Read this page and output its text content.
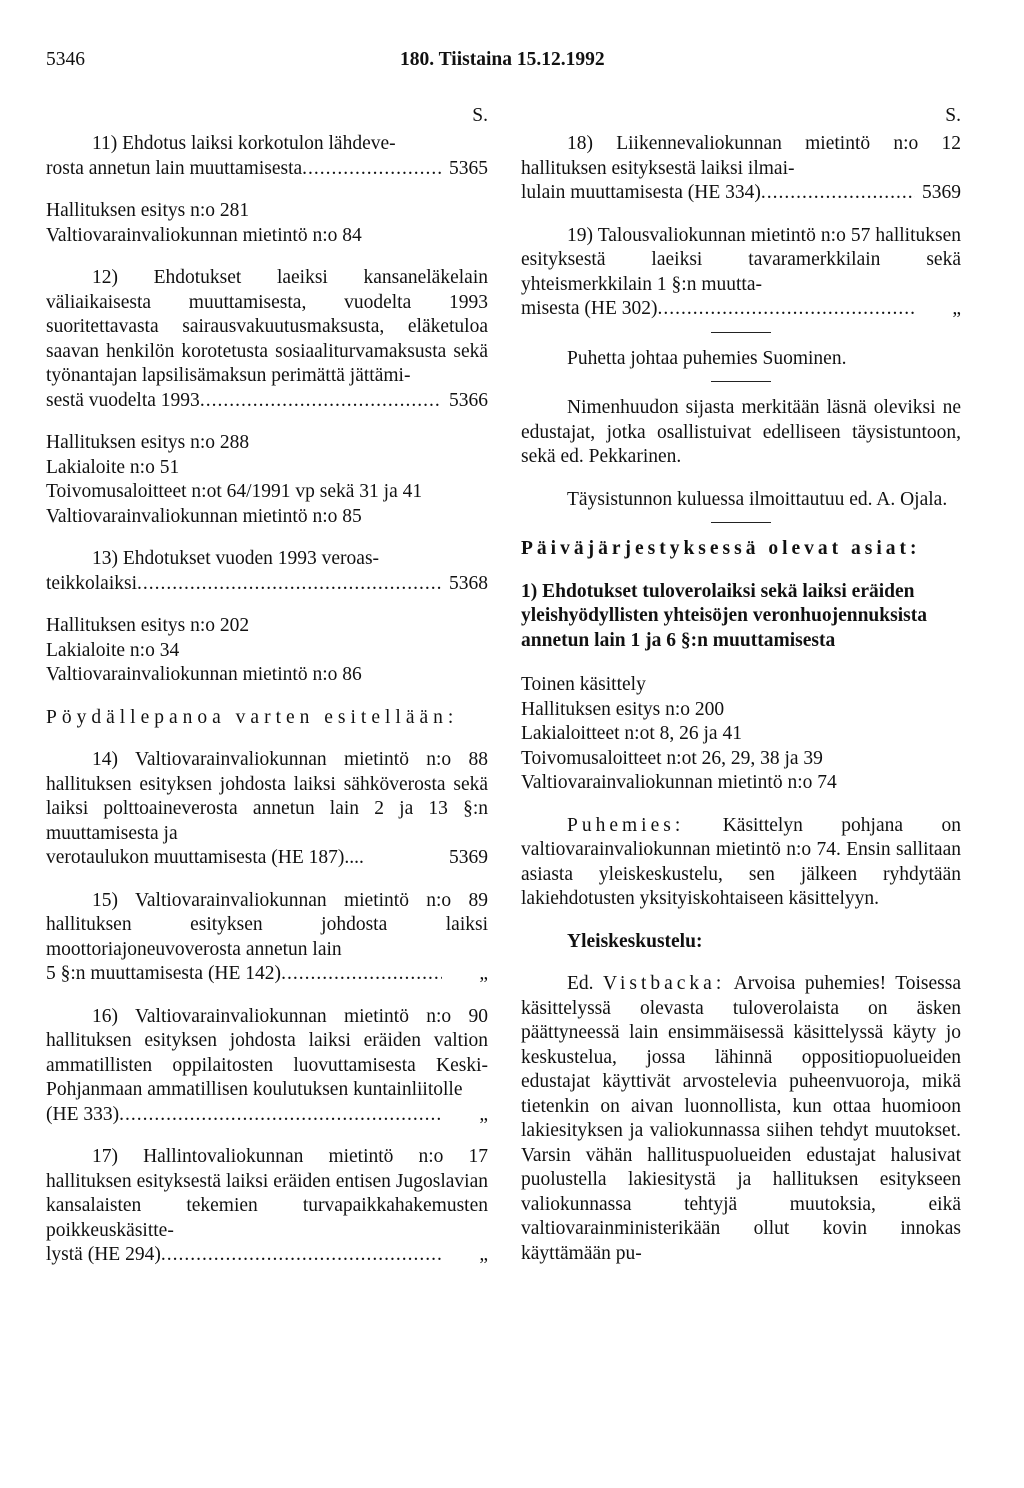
5346	180. Tiistaina 15.12.1992
S.

11) Ehdotus laiksi korkotulon lähdeve-

rosta annetun lain muuttamisesta .....	5365

Hallituksen esitys n:o 281

Valtiovarainvaliokunnan mietintö n:o 84

12) Ehdotukset laeiksi kansaneläkelain väliaikaisesta muuttamisesta, vuodelta 1993 suoritettavasta sairausvakuutusmaksusta, eläketuloa saavan henkilön korotetusta sosiaaliturvamaksusta sekä työnantajan lapsilisämaksun perimättä jättämi-

sestä vuodelta 1993 .....	5366

Hallituksen esitys n:o 288

Lakialoite n:o 51

Toivomusaloitteet n:ot 64/1991 vp sekä 31 ja 41

Valtiovarainvaliokunnan mietintö n:o 85

13) Ehdotukset vuoden 1993 veroas-

teikkolaiksi .....	5368

Hallituksen esitys n:o 202

Lakialoite n:o 34

Valtiovarainvaliokunnan mietintö n:o 86

Pöydällepanoa varten esitellään:

14) Valtiovarainvaliokunnan mietintö n:o 88 hallituksen esityksen johdosta laiksi sähköverosta sekä laiksi polttoaineverosta annetun lain 2 ja 13 §:n muuttamisesta ja

verotaulukon muuttamisesta (HE 187)....	5369

15) Valtiovarainvaliokunnan mietintö n:o 89 hallituksen esityksen johdosta laiksi moottoriajoneuvoverosta annetun lain

5 §:n muuttamisesta (HE 142) .....	„

16) Valtiovarainvaliokunnan mietintö n:o 90 hallituksen esityksen johdosta laiksi eräiden valtion ammatillisten oppilaitosten luovuttamisesta Keski-Pohjanmaan ammatillisen koulutuksen kuntainliitolle

(HE 333) .....	„

17) Hallintovaliokunnan mietintö n:o 17 hallituksen esityksestä laiksi eräiden entisen Jugoslavian kansalaisten tekemien turvapaikkahakemusten poikkeuskäsitte-

lystä (HE 294) .....	„
S.

18) Liikennevaliokunnan mietintö n:o 12 hallituksen esityksestä laiksi ilmai-

lulain muuttamisesta (HE 334) .....	5369

19) Talousvaliokunnan mietintö n:o 57 hallituksen esityksestä laeiksi tavaramerkkilain sekä yhteismerkkilain 1 §:n muutta-

misesta (HE 302) .....	„

Puhetta johtaa puhemies Suominen.

Nimenhuudon sijasta merkitään läsnä oleviksi ne edustajat, jotka osallistuivat edelliseen täysistuntoon, sekä ed. Pekkarinen.

Täysistunnon kuluessa ilmoittautuu ed. A. Ojala.

Päiväjärjestyksessä olevat asiat:

1) Ehdotukset tuloverolaiksi sekä laiksi eräiden yleishyödyllisten yhteisöjen veronhuojennuksista annetun lain 1 ja 6 §:n muuttamisesta

Toinen käsittely

Hallituksen esitys n:o 200

Lakialoitteet n:ot 8, 26 ja 41

Toivomusaloitteet n:ot 26, 29, 38 ja 39

Valtiovarainvaliokunnan mietintö n:o 74

Puhemies: Käsittelyn pohjana on valtiovarainvaliokunnan mietintö n:o 74. Ensin sallitaan asiasta yleiskeskustelu, sen jälkeen ryhdytään lakiehdotusten yksityiskohtaiseen käsittelyyn.

Yleiskeskustelu:

Ed. Vistbacka: Arvoisa puhemies! Toisessa käsittelyssä olevasta tuloverolaista on äsken päättyneessä lain ensimmäisessä käsittelyssä käyty jo keskustelua, jossa lähinnä oppositiopuolueiden edustajat käyttivät arvostelevia puheenvuoroja, mikä tietenkin on aivan luonnollista, kun ottaa huomioon lakiesityksen ja valiokunnassa siihen tehdyt muutokset. Varsin vähän hallituspuolueiden edustajat halusivat puolustella lakiesitystä ja hallituksen esitykseen valiokunnassa tehtyjä muutoksia, eikä valtiovarainministerikään ollut kovin innokas käyttämään pu-
